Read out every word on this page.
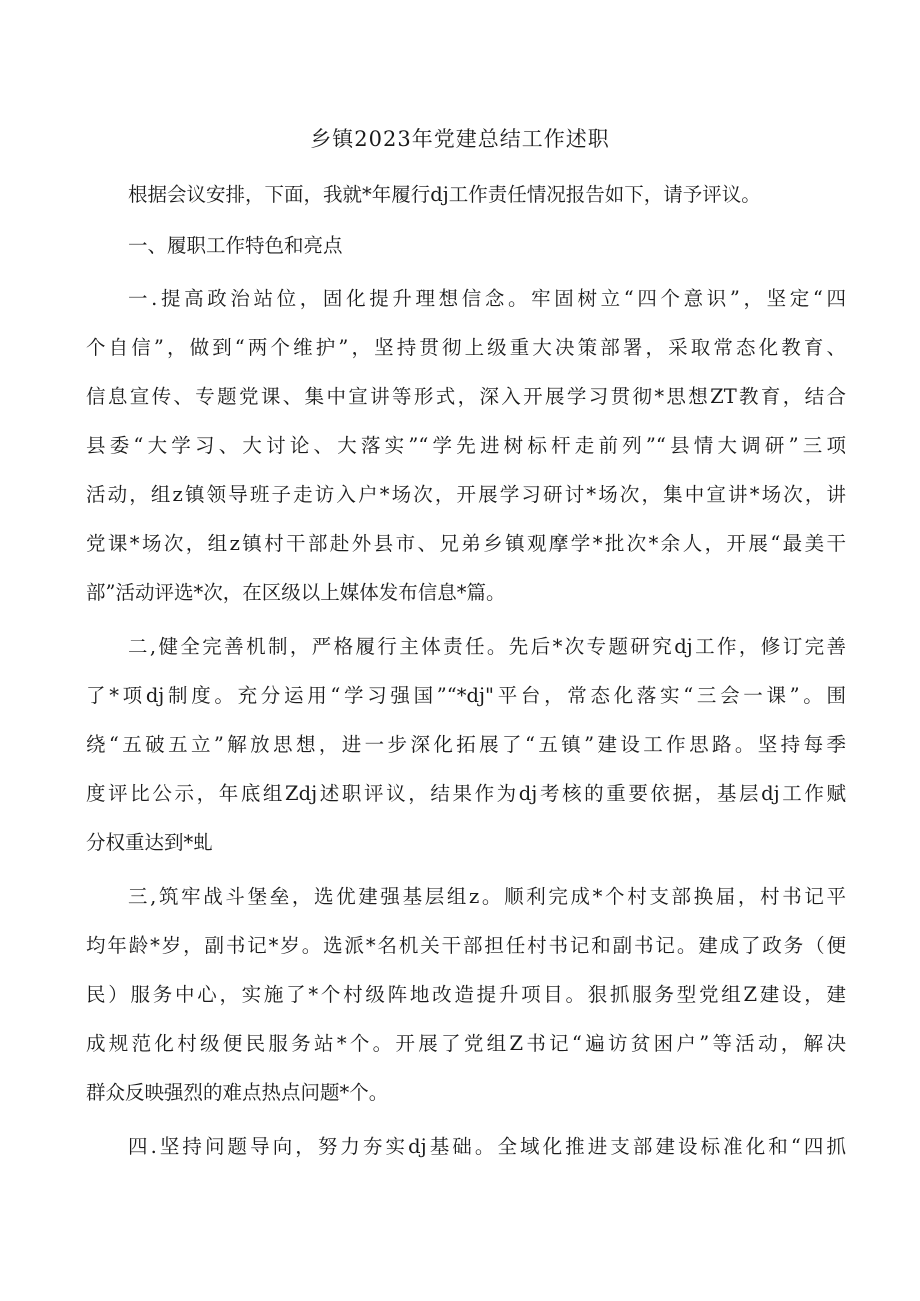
乡镇2023年党建总结工作述职
根据会议安排，下面，我就*年履行dj工作责任情况报告如下，请予评议。
一、履职工作特色和亮点
一.提高政治站位，固化提升理想信念。牢固树立“四个意识”，坚定“四
个自信”，做到“两个维护”，坚持贯彻上级重大决策部署，采取常态化教育、
信息宣传、专题党课、集中宣讲等形式，深入开展学习贯彻*思想ZT教育，结合
县委“大学习、大讨论、大落实”“学先进树标杆走前列”“县情大调研”三项
活动，组z镇领导班子走访入户*场次，开展学习研讨*场次，集中宣讲*场次，讲
党课*场次，组z镇村干部赴外县市、兄弟乡镇观摩学*批次*余人，开展“最美干
部”活动评选*次，在区级以上媒体发布信息*篇。
二,健全完善机制，严格履行主体责任。先后*次专题研究dj工作，修订完善
了*项dj制度。充分运用“学习强国”“*dj"平台，常态化落实“三会一课”。围
绕“五破五立”解放思想，进一步深化拓展了“五镇”建设工作思路。坚持每季
度评比公示，年底组Zdj述职评议，结果作为dj考核的重要依据，基层dj工作赋
分权重达到*虬
三,筑牢战斗堡垒，选优建强基层组z。顺利完成*个村支部换届，村书记平
均年龄*岁，副书记*岁。选派*名机关干部担任村书记和副书记。建成了政务（便
民）服务中心，实施了*个村级阵地改造提升项目。狠抓服务型党组Z建设，建
成规范化村级便民服务站*个。开展了党组Z书记“遍访贫困户”等活动，解决
群众反映强烈的难点热点问题*个。
四.坚持问题导向，努力夯实dj基础。全域化推进支部建设标准化和“四抓
